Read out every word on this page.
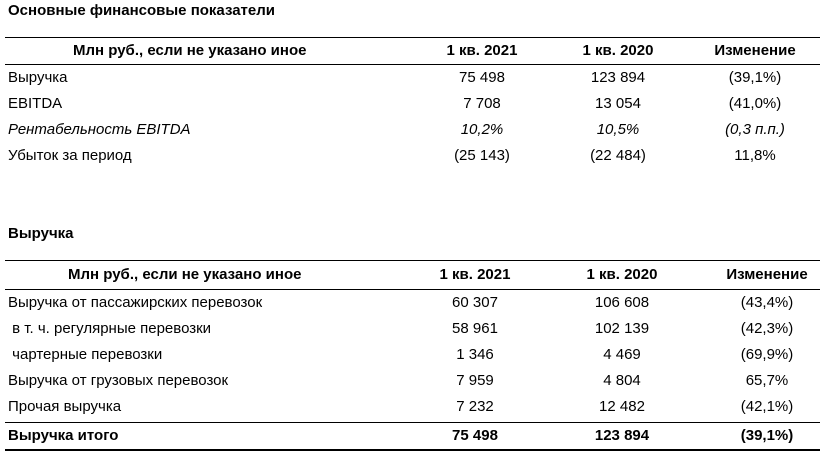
Основные финансовые показатели
Млн руб., если не указано иное	1 кв. 2021	1 кв. 2020	Изменение
Выручка	75 498	123 894	(39,1%)
EBITDA	7 708	13 054	(41,0%)
Рентабельность EBITDA	10,2%	10,5%	(0,3 п.п.)
Убыток за период	(25 143)	(22 484)	11,8%
Выручка
Млн руб., если не указано иное	1 кв. 2021	1 кв. 2020	Изменение
Выручка от пассажирских перевозок	60 307	106 608	(43,4%)
в т. ч. регулярные перевозки	58 961	102 139	(42,3%)
чартерные перевозки	1 346	4 469	(69,9%)
Выручка от грузовых перевозок	7 959	4 804	65,7%
Прочая выручка	7 232	12 482	(42,1%)
Выручка итого	75 498	123 894	(39,1%)
